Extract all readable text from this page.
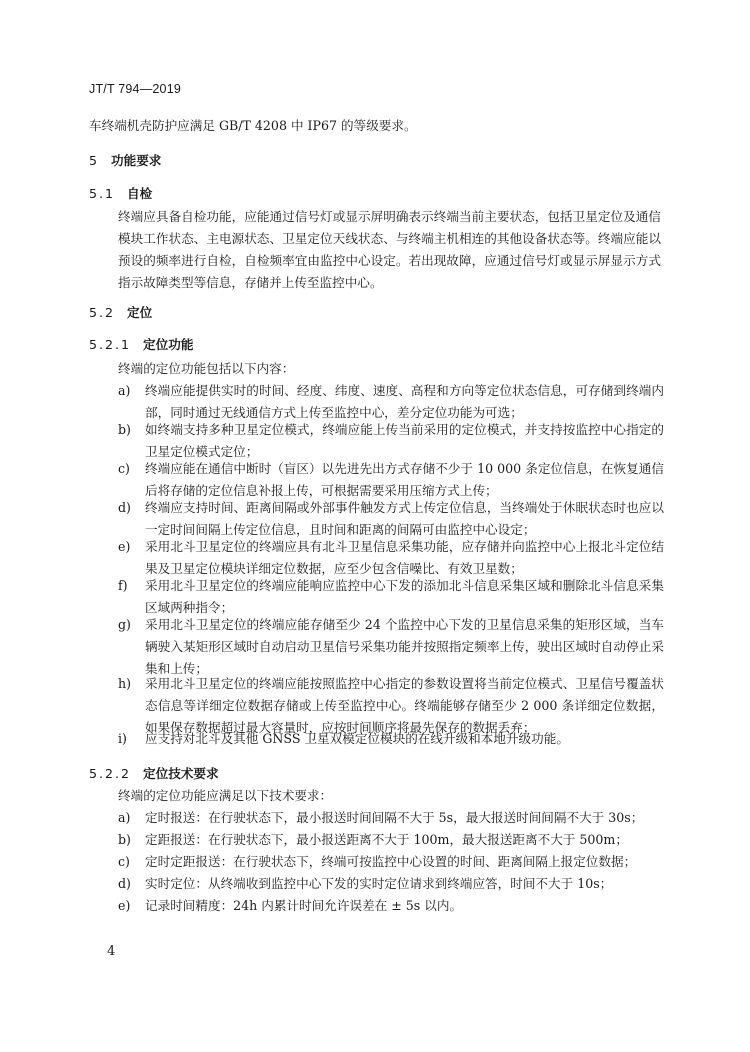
JT/T 794—2019
车终端机壳防护应满足 GB/T 4208 中 IP67 的等级要求。
5 功能要求
5.1 自检
终端应具备自检功能，应能通过信号灯或显示屏明确表示终端当前主要状态，包括卫星定位及通信模块工作状态、主电源状态、卫星定位天线状态、与终端主机相连的其他设备状态等。终端应能以预设的频率进行自检，自检频率宜由监控中心设定。若出现故障，应通过信号灯或显示屏显示方式指示故障类型等信息，存储并上传至监控中心。
5.2 定位
5.2.1 定位功能
终端的定位功能包括以下内容：
a)	终端应能提供实时的时间、经度、纬度、速度、高程和方向等定位状态信息，可存储到终端内部，同时通过无线通信方式上传至监控中心，差分定位功能为可选；
b)	如终端支持多种卫星定位模式，终端应能上传当前采用的定位模式，并支持按监控中心指定的卫星定位模式定位；
c)	终端应能在通信中断时（盲区）以先进先出方式存储不少于 10 000 条定位信息，在恢复通信后将存储的定位信息补报上传，可根据需要采用压缩方式上传；
d)	终端应支持时间、距离间隔或外部事件触发方式上传定位信息，当终端处于休眠状态时也应以一定时间间隔上传定位信息，且时间和距离的间隔可由监控中心设定；
e)	采用北斗卫星定位的终端应具有北斗卫星信息采集功能，应存储并向监控中心上报北斗定位结果及卫星定位模块详细定位数据，应至少包含信噪比、有效卫星数；
f)	采用北斗卫星定位的终端应能响应监控中心下发的添加北斗信息采集区域和删除北斗信息采集区域两种指令；
g)	采用北斗卫星定位的终端应能存储至少 24 个监控中心下发的卫星信息采集的矩形区域，当车辆驶入某矩形区域时自动启动卫星信号采集功能并按照指定频率上传，驶出区域时自动停止采集和上传；
h)	采用北斗卫星定位的终端应能按照监控中心指定的参数设置将当前定位模式、卫星信号覆盖状态信息等详细定位数据存储或上传至监控中心。终端能够存储至少 2 000 条详细定位数据，如果保存数据超过最大容量时，应按时间顺序将最先保存的数据丢弃；
i)	应支持对北斗及其他 GNSS 卫星双模定位模块的在线升级和本地升级功能。
5.2.2 定位技术要求
终端的定位功能应满足以下技术要求：
a)	定时报送：在行驶状态下，最小报送时间间隔不大于 5s，最大报送时间间隔不大于 30s；
b)	定距报送：在行驶状态下，最小报送距离不大于 100m，最大报送距离不大于 500m；
c)	定时定距报送：在行驶状态下，终端可按监控中心设置的时间、距离间隔上报定位数据；
d)	实时定位：从终端收到监控中心下发的实时定位请求到终端应答，时间不大于 10s；
e)	记录时间精度：24h 内累计时间允许误差在 ± 5s 以内。
4
